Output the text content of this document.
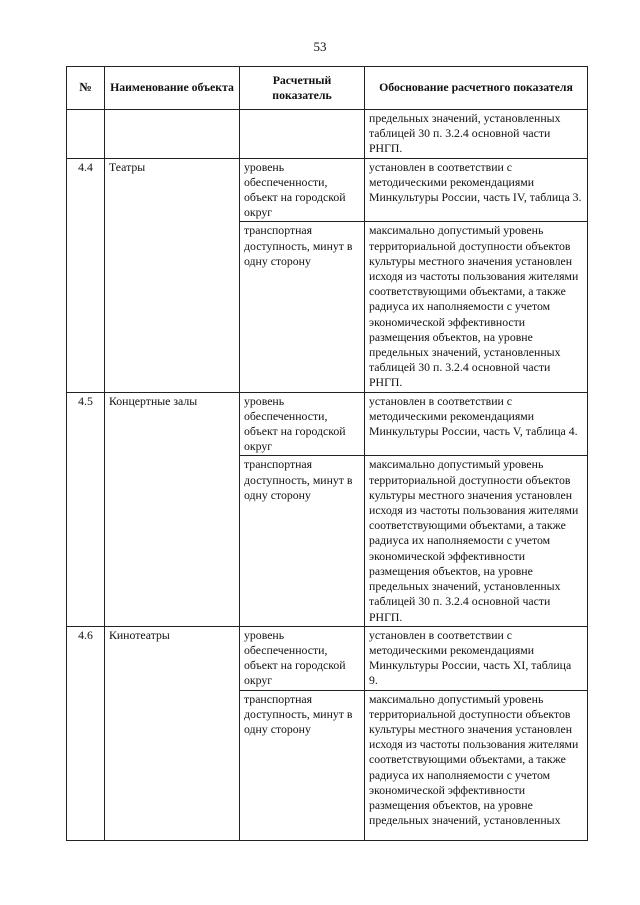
53
№	Наименование объекта	Расчетный показатель	Обоснование расчетного показателя
			предельных значений, установленных таблицей 30 п. 3.2.4 основной части РНГП.
4.4	Театры	уровень обеспеченности, объект на городской округ	установлен в соответствии с методическими рекомендациями Минкультуры России, часть IV, таблица 3.
		транспортная доступность, минут в одну сторону	максимально допустимый уровень территориальной доступности объектов культуры местного значения установлен исходя из частоты пользования жителями соответствующими объектами, а также радиуса их наполняемости с учетом экономической эффективности размещения объектов, на уровне предельных значений, установленных таблицей 30 п. 3.2.4 основной части РНГП.
4.5	Концертные залы	уровень обеспеченности, объект на городской округ	установлен в соответствии с методическими рекомендациями Минкультуры России, часть V, таблица 4.
		транспортная доступность, минут в одну сторону	максимально допустимый уровень территориальной доступности объектов культуры местного значения установлен исходя из частоты пользования жителями соответствующими объектами, а также радиуса их наполняемости с учетом экономической эффективности размещения объектов, на уровне предельных значений, установленных таблицей 30 п. 3.2.4 основной части РНГП.
4.6	Кинотеатры	уровень обеспеченности, объект на городской округ	установлен в соответствии с методическими рекомендациями Минкультуры России, часть XI, таблица 9.
		транспортная доступность, минут в одну сторону	максимально допустимый уровень территориальной доступности объектов культуры местного значения установлен исходя из частоты пользования жителями соответствующими объектами, а также радиуса их наполняемости с учетом экономической эффективности размещения объектов, на уровне предельных значений, установленных
